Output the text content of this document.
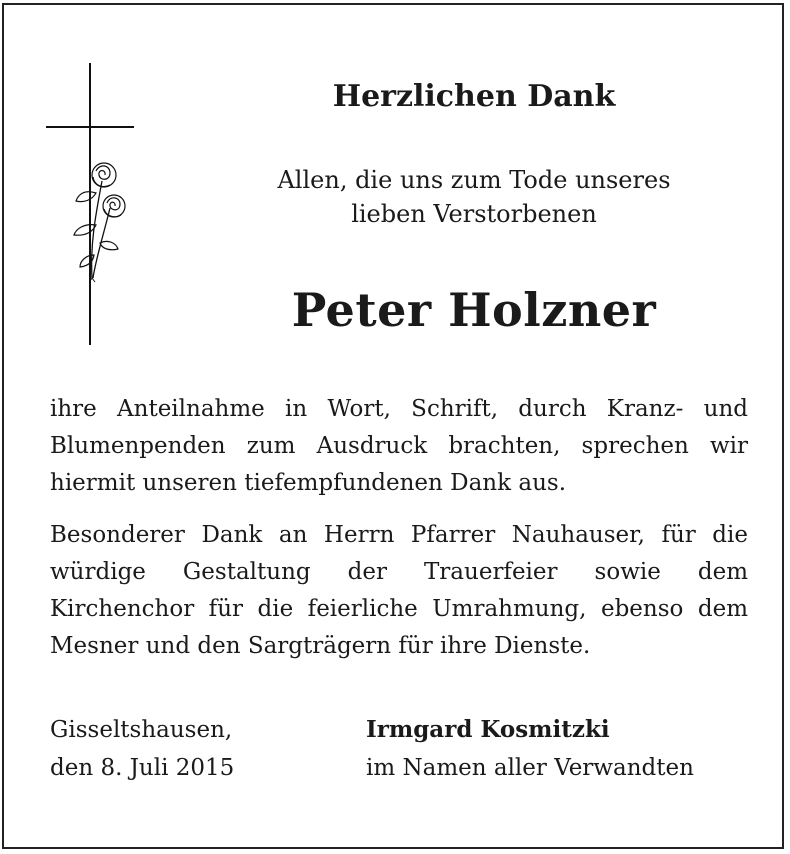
Herzlichen Dank
Allen, die uns zum Tode unseres
lieben Verstorbenen
Peter Holzner

ihre Anteilnahme in Wort, Schrift, durch Kranz- und Blumenpenden zum Ausdruck brachten, sprechen wir hiermit unseren tiefempfundenen Dank aus.

Besonderer Dank an Herrn Pfarrer Nauhauser, für die würdige Gestaltung der Trauerfeier sowie dem Kirchenchor für die feierliche Umrahmung, ebenso dem Mesner und den Sargträgern für ihre Dienste.

Gisseltshausen,
den 8. Juli 2015
Irmgard Kosmitzki
im Namen aller Verwandten
